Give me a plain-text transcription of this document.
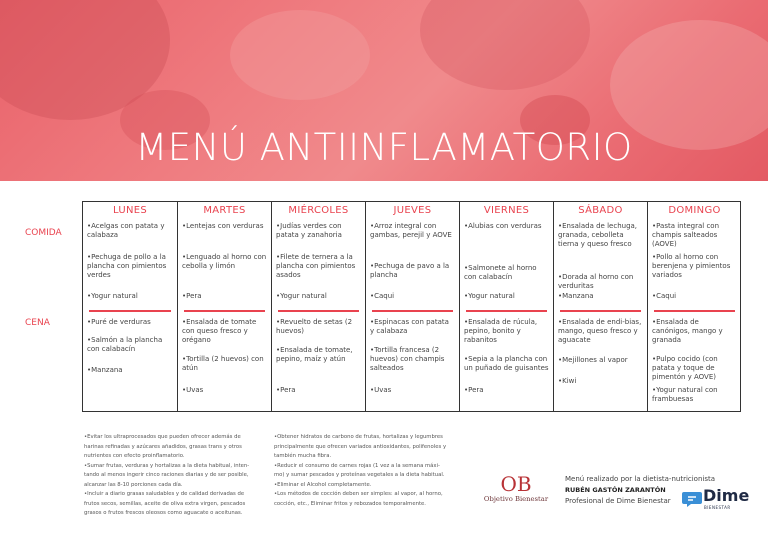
MENÚ ANTIINFLAMATORIO
COMIDA
CENA
LUNES
•Acelgas con patata y calabaza
•Pechuga de pollo a la plancha con pimientos verdes
•Yogur natural
•Puré de verduras
•Salmón a la plancha con calabacín
•Manzana
MARTES
•Lentejas con verduras
•Lenguado al horno con cebolla y limón
•Pera
•Ensalada de tomate con queso fresco y orégano
•Tortilla (2 huevos) con atún
•Uvas
MIÉRCOLES
•Judías verdes con patata y zanahoria
•Filete de ternera a la plancha con pimientos asados
•Yogur natural
•Revuelto de setas (2 huevos)
•Ensalada de tomate, pepino, maíz y atún
•Pera
JUEVES
•Arroz integral con gambas, perejil y AOVE
•Pechuga de pavo a la plancha
•Caqui
•Espinacas con patata y calabaza
•Tortilla francesa (2 huevos) con champis salteados
•Uvas
VIERNES
•Alubias con verduras
•Salmonete al horno con calabacín
•Yogur natural
•Ensalada de rúcula, pepino, bonito y rabanitos
•Sepia a la plancha con un puñado de guisantes
•Pera
SÁBADO
•Ensalada de lechuga, granada, cebolleta tierna y queso fresco
•Dorada al horno con verduritas
•Manzana
•Ensalada de endi-bias, mango, queso fresco y aguacate
•Mejillones al vapor
•Kiwi
DOMINGO
•Pasta integral con champis salteados (AOVE)
•Pollo al horno con berenjena y pimientos variados
•Caqui
•Ensalada de canónigos, mango y granada
•Pulpo cocido (con patata y toque de pimentón y AOVE)
•Yogur natural con frambuesas
•Evitar los ultraprocesados que pueden ofrecer además de
harinas refinadas y azúcares añadidos, grasas trans y otros
nutrientes con efecto proinflamatorio.
•Sumar frutas, verduras y hortalizas a la dieta habitual, inten-
tando al menos ingerir cinco raciones diarias y de ser posible,
alcanzar las 8-10 porciones cada día.
•Incluir a diario grasas saludables y de calidad derivadas de
frutos secos, semillas, aceite de oliva extra virgen, pescados
grasos o frutos frescos oleosos como aguacate o aceitunas.
•Obtener hidratos de carbono de frutas, hortalizas y legumbres
principalmente que ofrecen variados antioxidantes, polifenoles y
también mucha fibra.
•Reducir el consumo de carnes rojas (1 vez a la semana máxi-
mo) y sumar pescados y proteínas vegetales a la dieta habitual.
•Eliminar el Alcohol completamente.
•Los métodos de cocción deben ser simples: al vapor, al horno,
cocción, etc., Eliminar fritos y rebozados temporalmente.
OB
Objetivo Bienestar
Menú realizado por la dietista-nutricionista
RUBÉN GASTÓN ZARANTÓN
Profesional de Dime Bienestar	Dime
BIENESTAR
